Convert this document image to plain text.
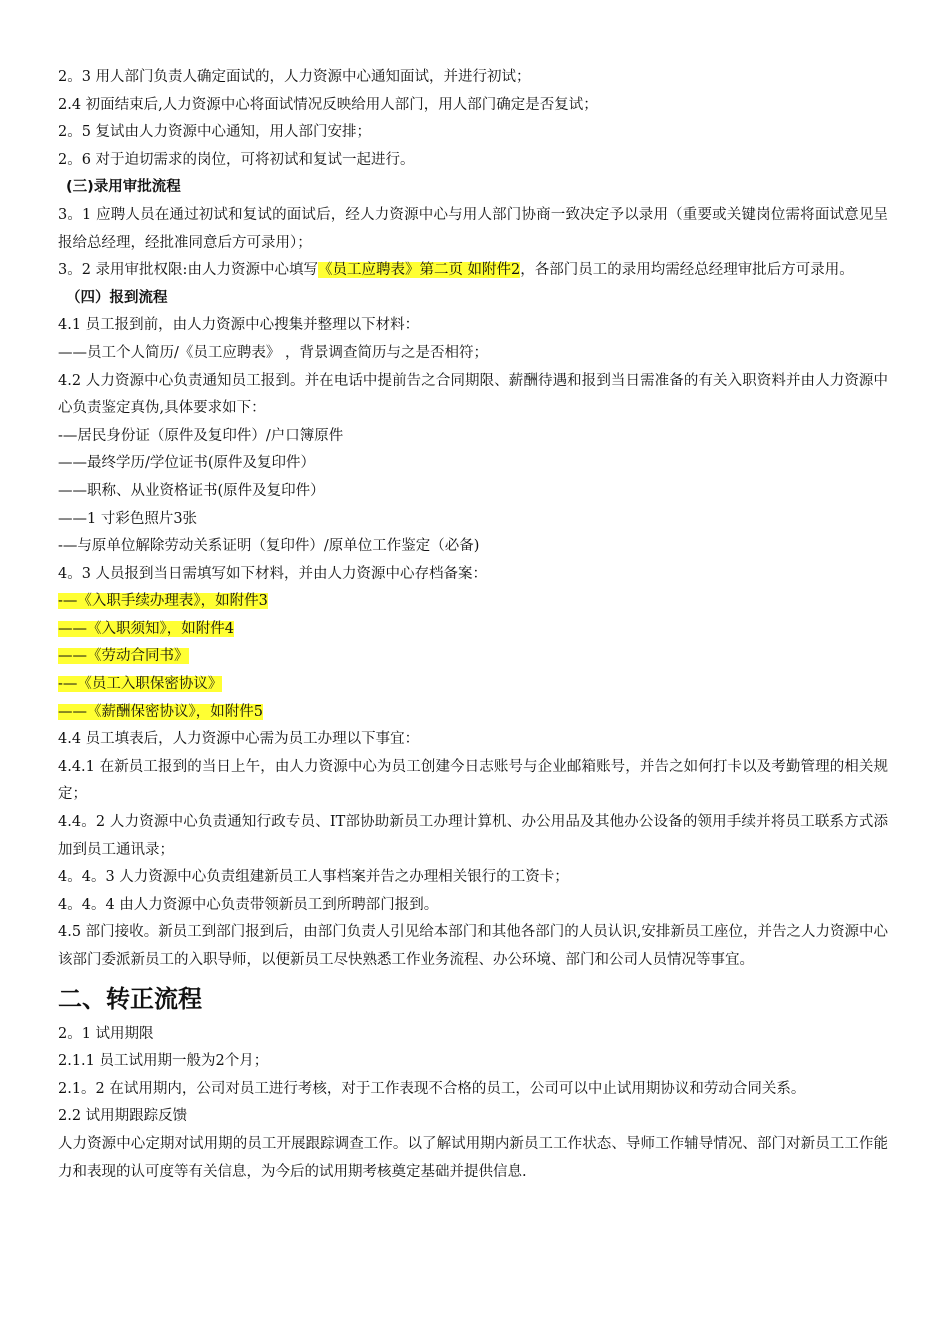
2。3 用人部门负责人确定面试的，人力资源中心通知面试，并进行初试；
2.4 初面结束后,人力资源中心将面试情况反映给用人部门，用人部门确定是否复试；
2。5 复试由人力资源中心通知，用人部门安排；
2。6 对于迫切需求的岗位，可将初试和复试一起进行。
(三)录用审批流程
3。1 应聘人员在通过初试和复试的面试后，经人力资源中心与用人部门协商一致决定予以录用（重要或关键岗位需将面试意见呈报给总经理，经批准同意后方可录用）；
3。2 录用审批权限:由人力资源中心填写《员工应聘表》第二页 如附件2，各部门员工的录用均需经总经理审批后方可录用。
（四）报到流程
4.1 员工报到前，由人力资源中心搜集并整理以下材料：
——员工个人简历/《员工应聘表》 ，背景调查简历与之是否相符；
4.2 人力资源中心负责通知员工报到。并在电话中提前告之合同期限、薪酬待遇和报到当日需准备的有关入职资料并由人力资源中心负责鉴定真伪,具体要求如下：
-—居民身份证（原件及复印件）/户口簿原件
——最终学历/学位证书(原件及复印件）
——职称、从业资格证书(原件及复印件）
——1 寸彩色照片3张
-—与原单位解除劳动关系证明（复印件）/原单位工作鉴定（必备)
4。3 人员报到当日需填写如下材料，并由人力资源中心存档备案：
-—《入职手续办理表》，如附件3
——《入职须知》，如附件4
——《劳动合同书》
-—《员工入职保密协议》
——《薪酬保密协议》，如附件5
4.4 员工填表后，人力资源中心需为员工办理以下事宜：
4.4.1 在新员工报到的当日上午，由人力资源中心为员工创建今日志账号与企业邮箱账号，并告之如何打卡以及考勤管理的相关规定；
4.4。2 人力资源中心负责通知行政专员、IT部协助新员工办理计算机、办公用品及其他办公设备的领用手续并将员工联系方式添加到员工通讯录；
4。4。3 人力资源中心负责组建新员工人事档案并告之办理相关银行的工资卡；
4。4。4 由人力资源中心负责带领新员工到所聘部门报到。
4.5 部门接收。新员工到部门报到后，由部门负责人引见给本部门和其他各部门的人员认识,安排新员工座位，并告之人力资源中心该部门委派新员工的入职导师，以便新员工尽快熟悉工作业务流程、办公环境、部门和公司人员情况等事宜。
二、转正流程
2。1 试用期限
2.1.1 员工试用期一般为2个月；
2.1。2 在试用期内，公司对员工进行考核，对于工作表现不合格的员工，公司可以中止试用期协议和劳动合同关系。
2.2 试用期跟踪反馈
人力资源中心定期对试用期的员工开展跟踪调查工作。以了解试用期内新员工工作状态、导师工作辅导情况、部门对新员工工作能力和表现的认可度等有关信息，为今后的试用期考核奠定基础并提供信息.
